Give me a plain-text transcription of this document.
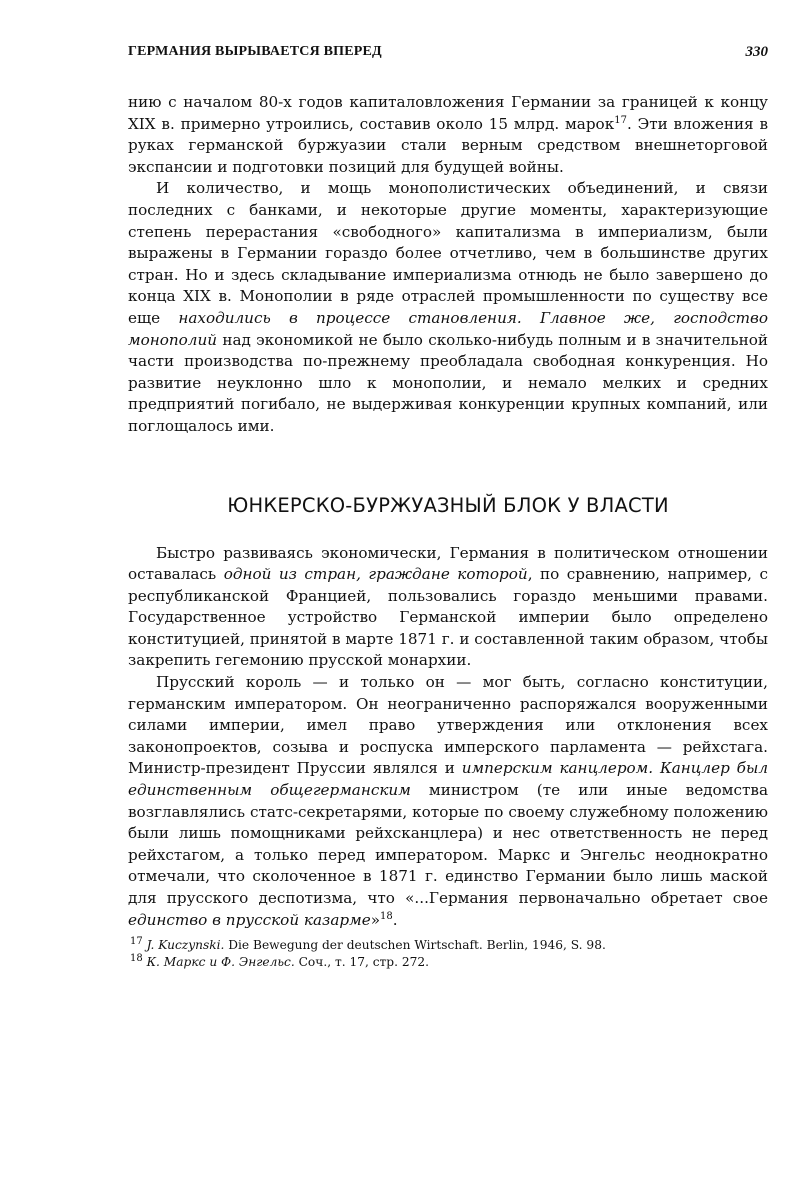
ГЕРМАНИЯ ВЫРЫВАЕТСЯ ВПЕРЕД	330

нию с началом 80-х годов капиталовложения Германии за границей к концу XIX в. примерно утроились, составив около 15 млрд. марок$^{17}$. Эти вложения в руках германской буржуазии стали верным средством внешнеторговой экспансии и подготовки позиций для будущей войны.

И количество, и мощь монополистических объединений, и связи последних с банками, и некоторые другие моменты, характеризующие степень перерастания «свободного» капитализма в империализм, были выражены в Германии гораздо более отчетливо, чем в большинстве других стран. Но и здесь складывание империализма отнюдь не было завершено до конца XIX в. Монополии в ряде отраслей промышленности по существу все еще находились в процессе становления. Главное же, господство монополий над экономикой не было сколько-нибудь полным и в значительной части производства по-прежнему преобладала свободная конкуренция. Но развитие неуклонно шло к монополии, и немало мелких и средних предприятий погибало, не выдерживая конкуренции крупных компаний, или поглощалось ими.

ЮНКЕРСКО-БУРЖУАЗНЫЙ БЛОК У ВЛАСТИ

Быстро развиваясь экономически, Германия в политическом отношении оставалась одной из стран, граждане которой, по сравнению, например, с республиканской Францией, пользовались гораздо меньшими правами. Государственное устройство Германской империи было определено конституцией, принятой в марте 1871 г. и составленной таким образом, чтобы закрепить гегемонию прусской монархии.

Прусский король — и только он — мог быть, согласно конституции, германским императором. Он неограниченно распоряжался вооруженными силами империи, имел право утверждения или отклонения всех законопроектов, созыва и роспуска имперского парламента — рейхстага. Министр-президент Пруссии являлся и имперским канцлером. Канцлер был единственным общегерманским министром (те или иные ведомства возглавлялись статс-секретарями, которые по своему служебному положению были лишь помощниками рейхсканцлера) и нес ответственность не перед рейхстагом, а только перед императором. Маркс и Энгельс неоднократно отмечали, что сколоченное в 1871 г. единство Германии было лишь маской для прусского деспотизма, что «...Германия первоначально обретает свое единство в прусской казарме»$^{18}$.

$^{17}$ J. Kuczynski. Die Bewegung der deutschen Wirtschaft. Berlin, 1946, S. 98.

$^{18}$ К. Маркс и Ф. Энгельс. Соч., т. 17, стр. 272.
